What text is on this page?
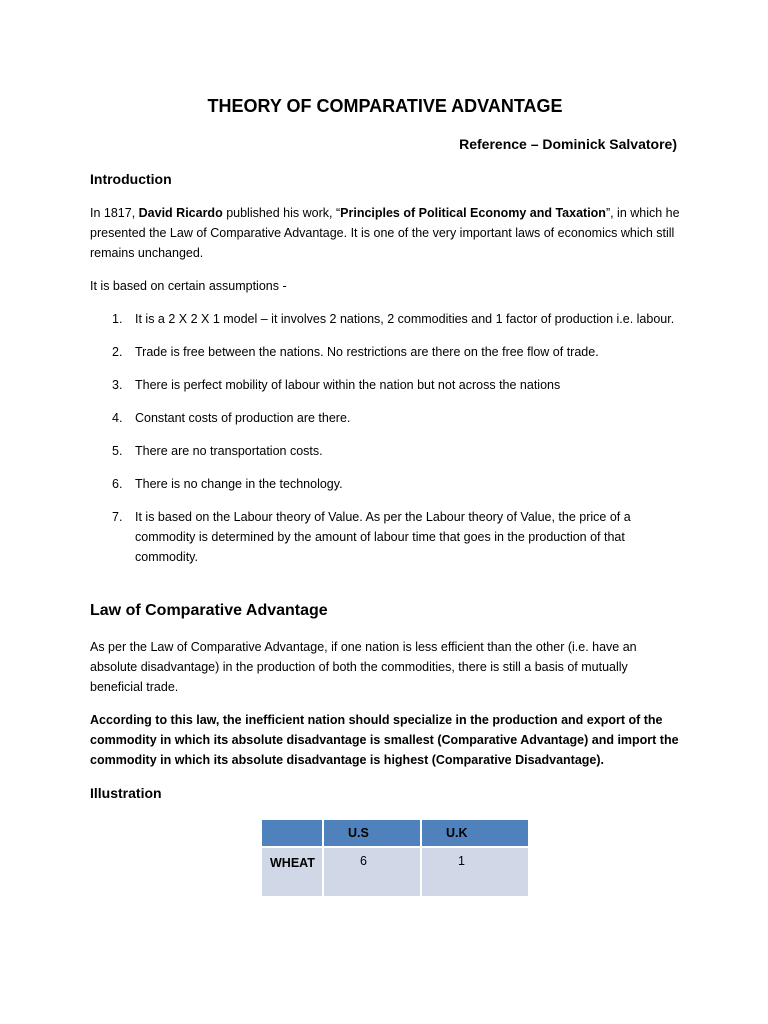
THEORY OF COMPARATIVE ADVANTAGE

Reference – Dominick Salvatore)

Introduction

In 1817, David Ricardo published his work, “Principles of Political Economy and Taxation”, in which he presented the Law of Comparative Advantage. It is one of the very important laws of economics which still remains unchanged.

It is based on certain assumptions -

1. It is a 2 X 2 X 1 model – it involves 2 nations, 2 commodities and 1 factor of production i.e. labour.
2. Trade is free between the nations. No restrictions are there on the free flow of trade.
3. There is perfect mobility of labour within the nation but not across the nations
4. Constant costs of production are there.
5. There are no transportation costs.
6. There is no change in the technology.
7. It is based on the Labour theory of Value. As per the Labour theory of Value, the price of a commodity is determined by the amount of labour time that goes in the production of that commodity.
Law of Comparative Advantage

As per the Law of Comparative Advantage, if one nation is less efficient than the other (i.e. have an absolute disadvantage) in the production of both the commodities, there is still a basis of mutually beneficial trade.

According to this law, the inefficient nation should specialize in the production and export of the commodity in which its absolute disadvantage is smallest (Comparative Advantage) and import the commodity in which its absolute disadvantage is highest (Comparative Disadvantage).

Illustration
	U.S	U.K
WHEAT	6	1
